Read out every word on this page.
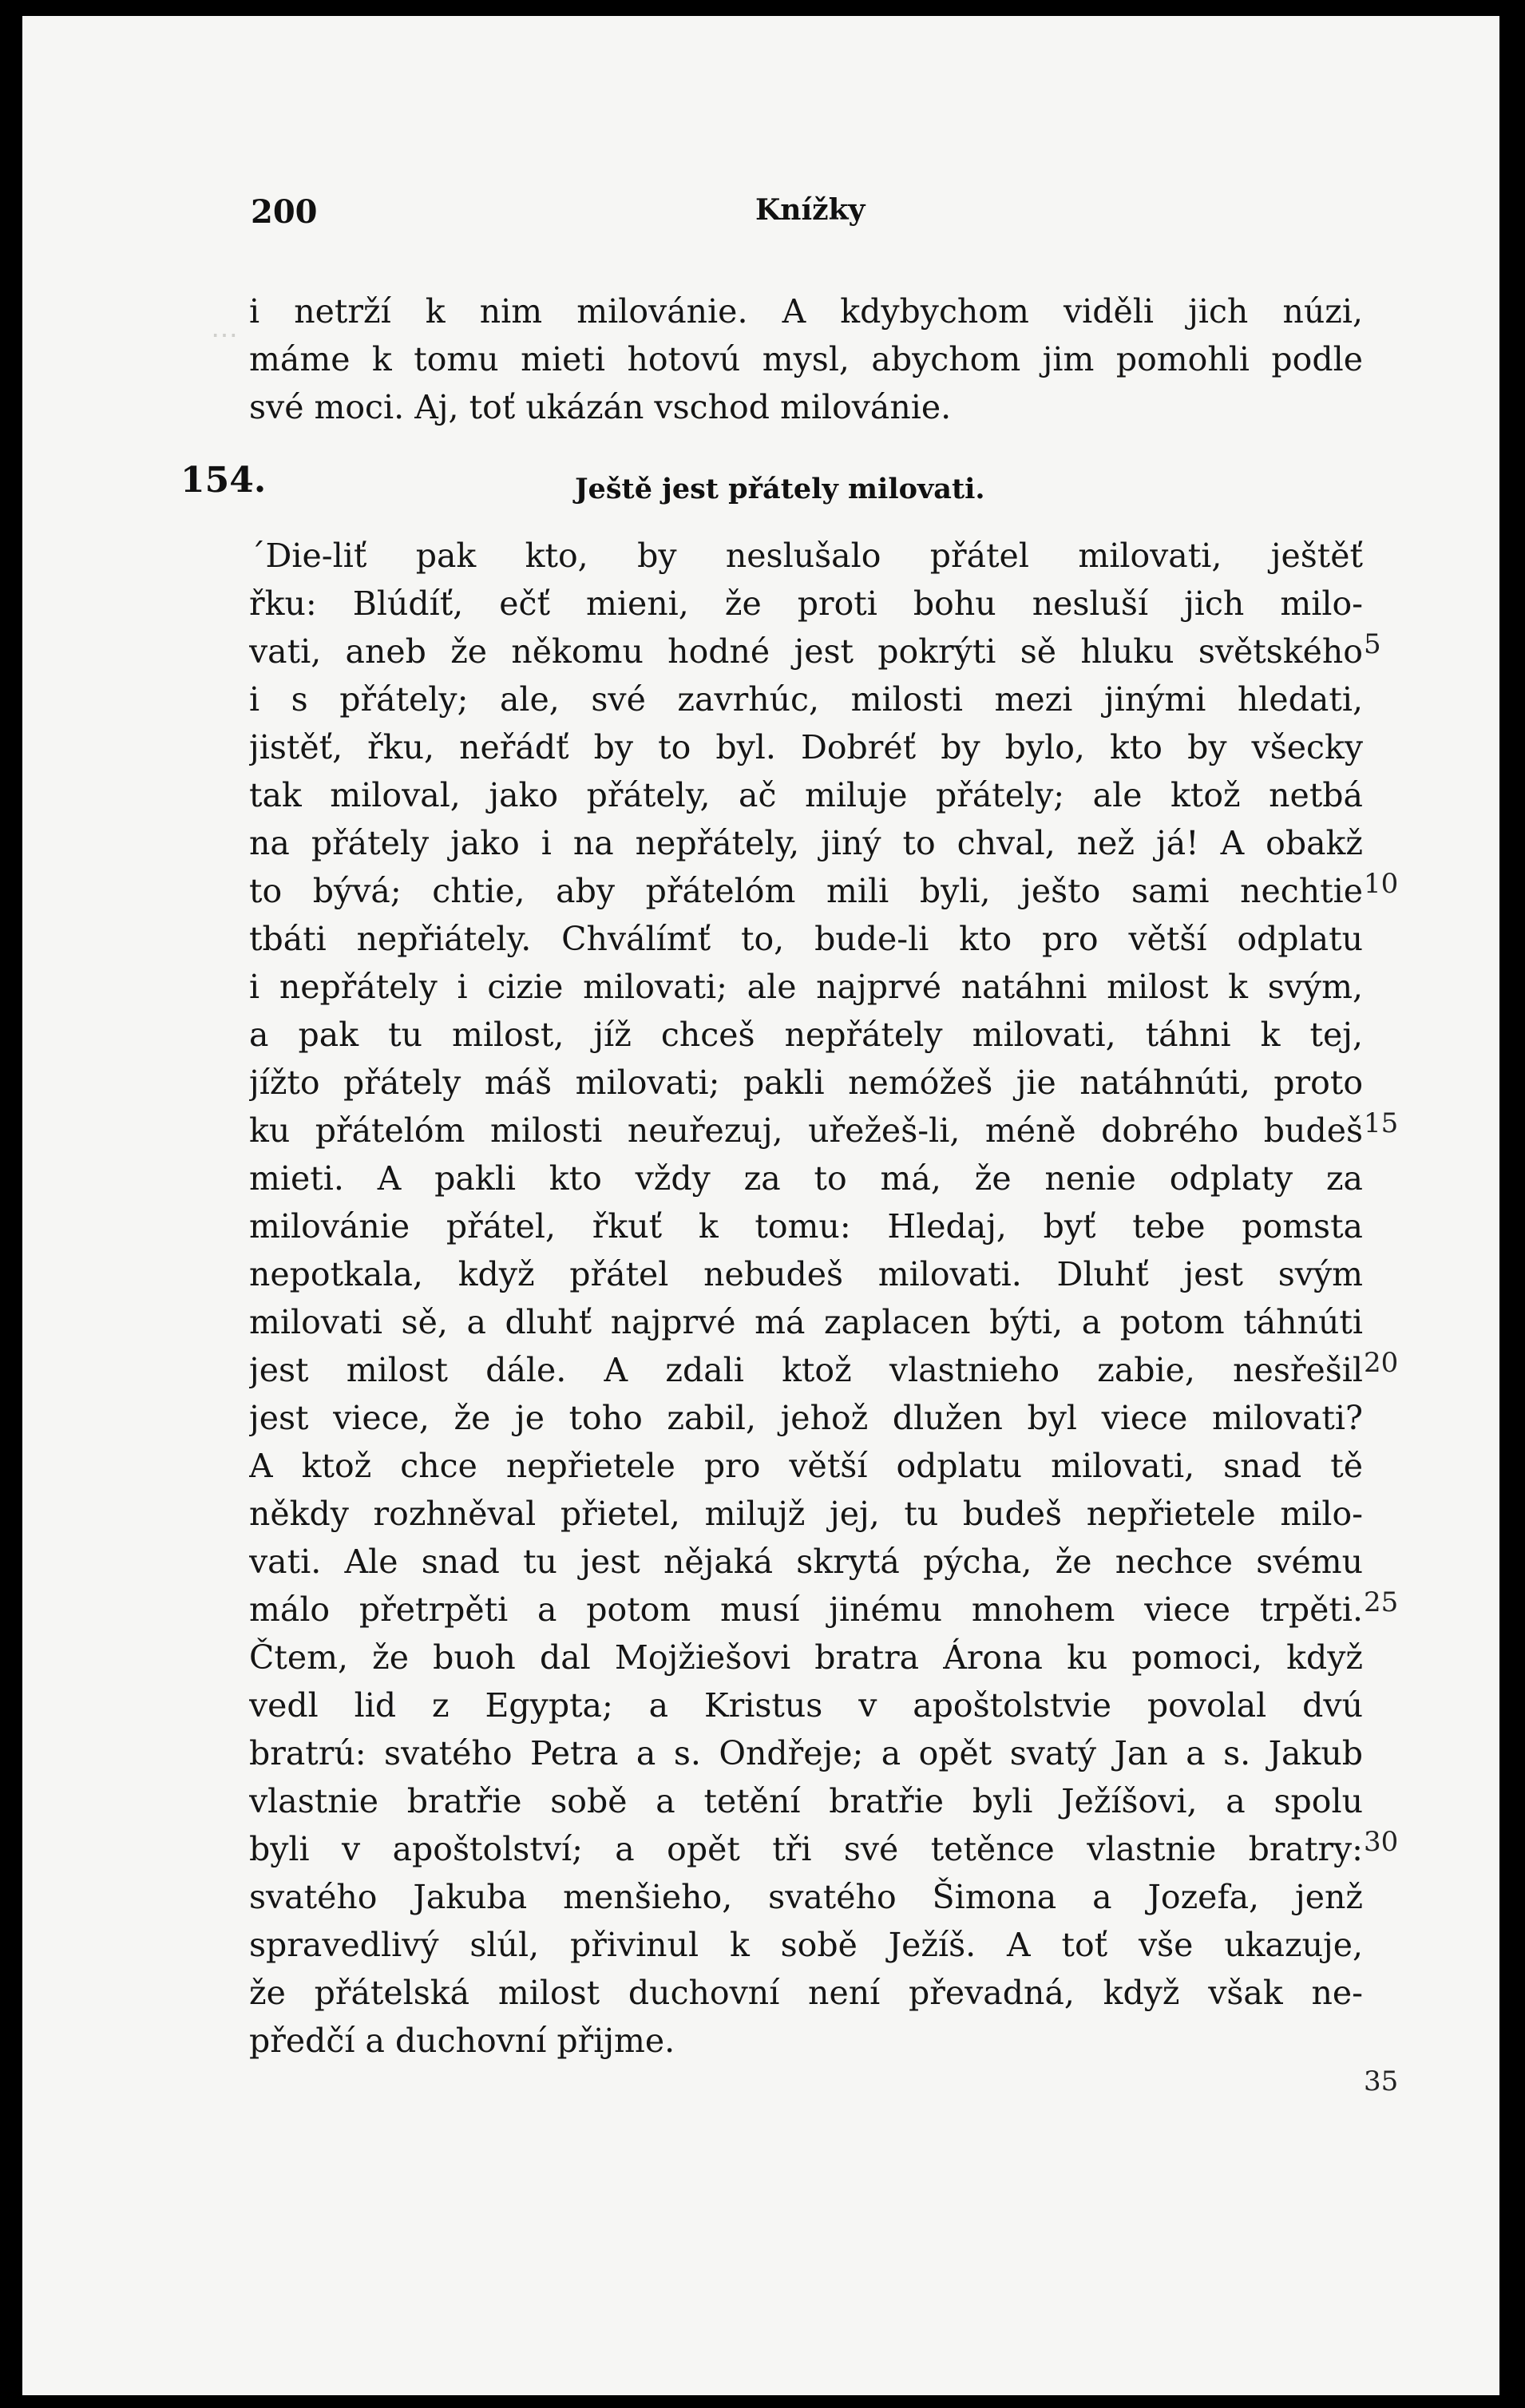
⋯
200	Knížky
i netrží k nim milovánie. A kdybychom viděli jich núzi,
máme k tomu mieti hotovú mysl, abychom jim pomohli podle
své moci. Aj, toť ukázán vschod milovánie.
154.	Ještě jest přátely milovati.
´Die-liť pak kto, by neslušalo přátel milovati, ještěť
řku: Blúdíť, ečť mieni, že proti bohu nesluší jich milo-
vati, aneb že někomu hodné jest pokrýti sě hluku světského
i s přátely; ale, své zavrhúc, milosti mezi jinými hledati,
jistěť, řku, neřádť by to byl. Dobréť by bylo, kto by všecky
tak miloval, jako přátely, ač miluje přátely; ale ktož netbá
na přátely jako i na nepřátely, jiný to chval, než já! A obakž
to bývá; chtie, aby přátelóm mili byli, ješto sami nechtie
tbáti nepřiátely. Chválímť to, bude-li kto pro větší odplatu
i nepřátely i cizie milovati; ale najprvé natáhni milost k svým,
a pak tu milost, jíž chceš nepřátely milovati, táhni k tej,
jížto přátely máš milovati; pakli nemóžeš jie natáhnúti, proto
ku přátelóm milosti neuřezuj, uřežeš-li, méně dobrého budeš
mieti. A pakli kto vždy za to má, že nenie odplaty za
milovánie přátel, řkuť k tomu: Hledaj, byť tebe pomsta
nepotkala, když přátel nebudeš milovati. Dluhť jest svým
milovati sě, a dluhť najprvé má zaplacen býti, a potom táhnúti
jest milost dále. A zdali ktož vlastnieho zabie, nesřešil
jest viece, že je toho zabil, jehož dlužen byl viece milovati?
A ktož chce nepřietele pro větší odplatu milovati, snad tě
někdy rozhněval přietel, milujž jej, tu budeš nepřietele milo-
vati. Ale snad tu jest nějaká skrytá pýcha, že nechce svému
málo přetrpěti a potom musí jinému mnohem viece trpěti.
Čtem, že buoh dal Mojžiešovi bratra Árona ku pomoci, když
vedl lid z Egypta; a Kristus v apoštolstvie povolal dvú
bratrú: svatého Petra a s. Ondřeje; a opět svatý Jan a s. Jakub
vlastnie bratřie sobě a tetění bratřie byli Ježíšovi, a spolu
byli v apoštolství; a opět tři své tetěnce vlastnie bratry:
svatého Jakuba menšieho, svatého Šimona a Jozefa, jenž
spravedlivý slúl, přivinul k sobě Ježíš. A toť vše ukazuje,
že přátelská milost duchovní není převadná, když však ne-
předčí a duchovní přijme.
5
10
15
20
25
30
35
